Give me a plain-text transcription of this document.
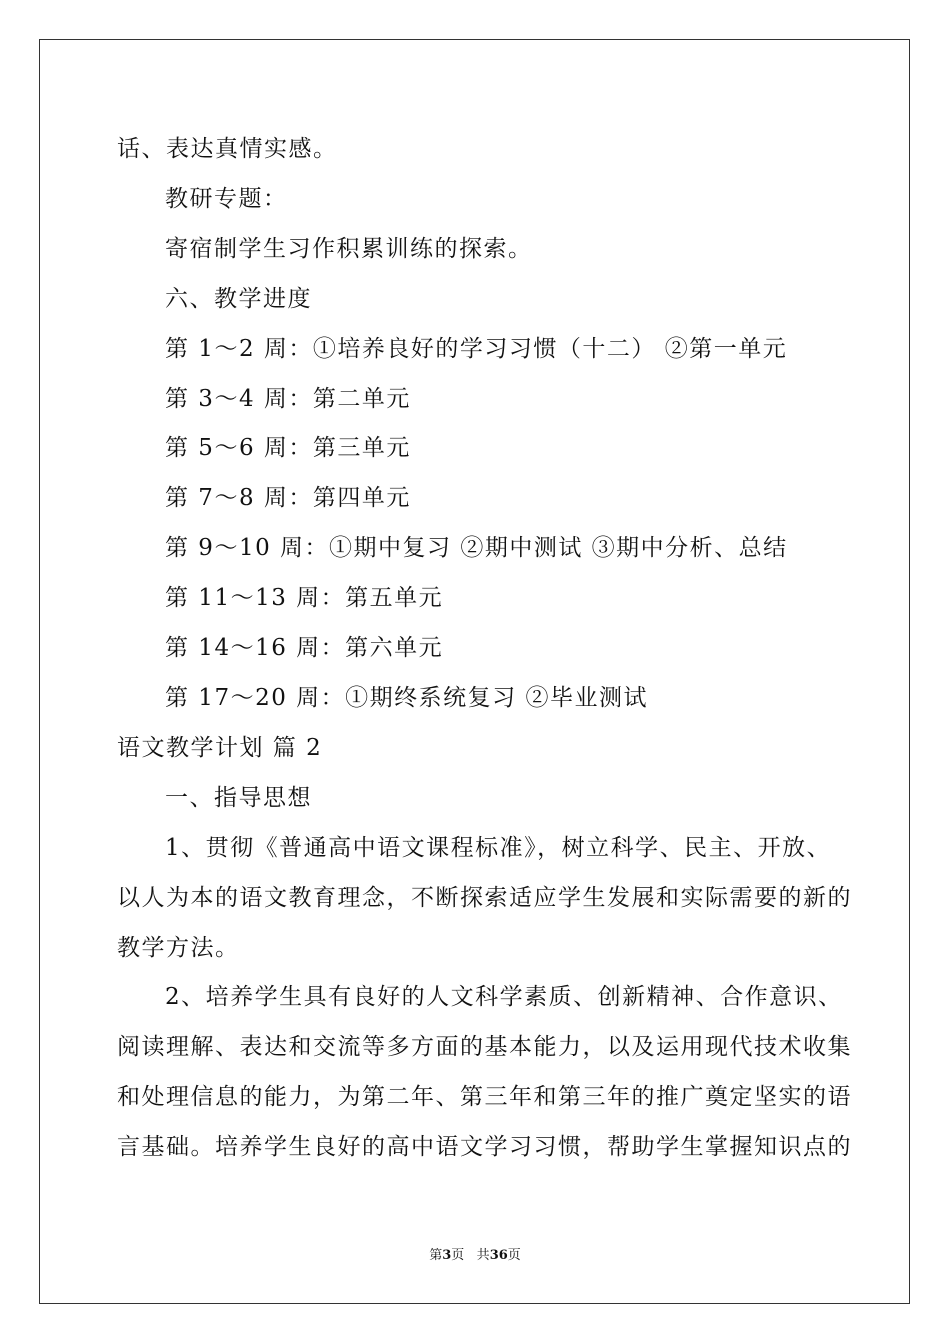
话、表达真情实感。
教研专题：
寄宿制学生习作积累训练的探索。
六、教学进度
第 1～2 周：①培养良好的学习习惯（十二） ②第一单元
第 3～4 周：第二单元
第 5～6 周：第三单元
第 7～8 周：第四单元
第 9～10 周：①期中复习 ②期中测试 ③期中分析、总结
第 11～13 周：第五单元
第 14～16 周：第六单元
第 17～20 周：①期终系统复习 ②毕业测试
语文教学计划 篇 2
一、指导思想
1、贯彻《普通高中语文课程标准》，树立科学、民主、开放、
以人为本的语文教育理念，不断探索适应学生发展和实际需要的新的
教学方法。
2、培养学生具有良好的人文科学素质、创新精神、合作意识、
阅读理解、表达和交流等多方面的基本能力，以及运用现代技术收集
和处理信息的能力，为第二年、第三年和第三年的推广奠定坚实的语
言基础。培养学生良好的高中语文学习习惯，帮助学生掌握知识点的
第3页 共36页
